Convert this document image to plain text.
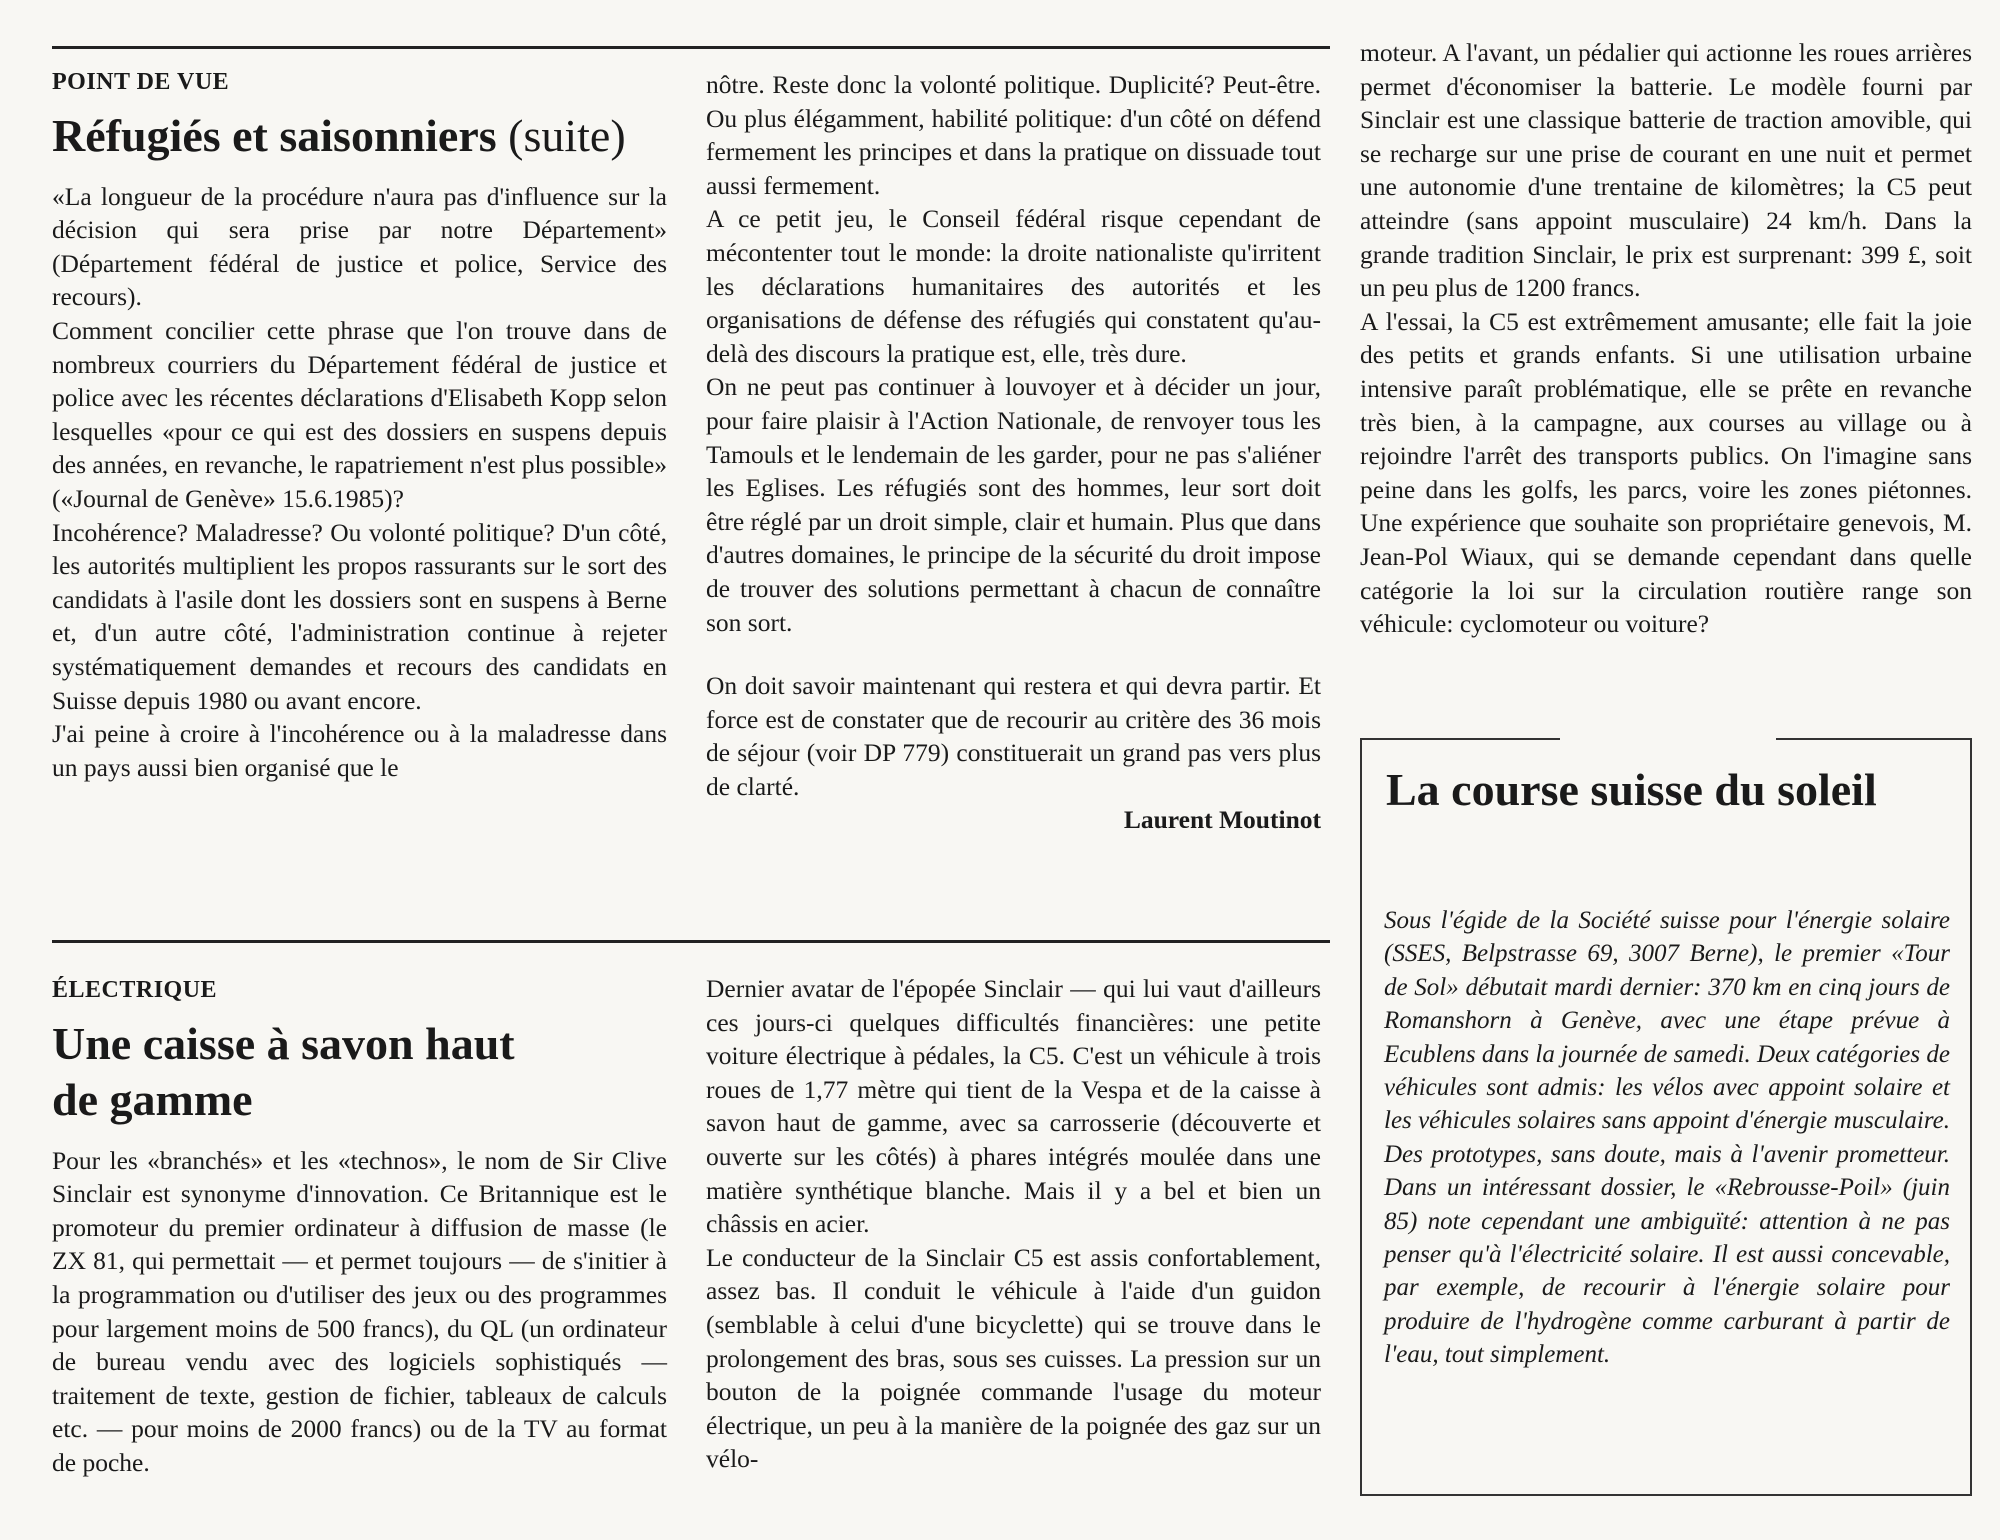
POINT DE VUE
Réfugiés et saisonniers (suite)

«La longueur de la procédure n'aura pas d'influence sur la décision qui sera prise par notre Département» (Département fédéral de justice et police, Service des recours).

Comment concilier cette phrase que l'on trouve dans de nombreux courriers du Département fédéral de justice et police avec les récentes déclarations d'Elisabeth Kopp selon lesquelles «pour ce qui est des dossiers en suspens depuis des années, en revanche, le rapatriement n'est plus possible» («Journal de Genève» 15.6.1985)?

Incohérence? Maladresse? Ou volonté politique? D'un côté, les autorités multiplient les propos rassurants sur le sort des candidats à l'asile dont les dossiers sont en suspens à Berne et, d'un autre côté, l'administration continue à rejeter systématiquement demandes et recours des candidats en Suisse depuis 1980 ou avant encore.

J'ai peine à croire à l'incohérence ou à la maladresse dans un pays aussi bien organisé que le

nôtre. Reste donc la volonté politique. Duplicité? Peut-être. Ou plus élégamment, habilité politique: d'un côté on défend fermement les principes et dans la pratique on dissuade tout aussi fermement.

A ce petit jeu, le Conseil fédéral risque cependant de mécontenter tout le monde: la droite nationaliste qu'irritent les déclarations humanitaires des autorités et les organisations de défense des réfugiés qui constatent qu'au-delà des discours la pratique est, elle, très dure.

On ne peut pas continuer à louvoyer et à décider un jour, pour faire plaisir à l'Action Nationale, de renvoyer tous les Tamouls et le lendemain de les garder, pour ne pas s'aliéner les Eglises. Les réfugiés sont des hommes, leur sort doit être réglé par un droit simple, clair et humain. Plus que dans d'autres domaines, le principe de la sécurité du droit impose de trouver des solutions permettant à chacun de connaître son sort.

On doit savoir maintenant qui restera et qui devra partir. Et force est de constater que de recourir au critère des 36 mois de séjour (voir DP 779) constituerait un grand pas vers plus de clarté.

Laurent Moutinot

moteur. A l'avant, un pédalier qui actionne les roues arrières permet d'économiser la batterie. Le modèle fourni par Sinclair est une classique batterie de traction amovible, qui se recharge sur une prise de courant en une nuit et permet une autonomie d'une trentaine de kilomètres; la C5 peut atteindre (sans appoint musculaire) 24 km/h. Dans la grande tradition Sinclair, le prix est surprenant: 399 £, soit un peu plus de 1200 francs.

A l'essai, la C5 est extrêmement amusante; elle fait la joie des petits et grands enfants. Si une utilisation urbaine intensive paraît problématique, elle se prête en revanche très bien, à la campagne, aux courses au village ou à rejoindre l'arrêt des transports publics. On l'imagine sans peine dans les golfs, les parcs, voire les zones piétonnes. Une expérience que souhaite son propriétaire genevois, M. Jean-Pol Wiaux, qui se demande cependant dans quelle catégorie la loi sur la circulation routière range son véhicule: cyclomoteur ou voiture?

ÉLECTRIQUE
Une caisse à savon haut de gamme

Pour les «branchés» et les «technos», le nom de Sir Clive Sinclair est synonyme d'innovation. Ce Britannique est le promoteur du premier ordinateur à diffusion de masse (le ZX 81, qui permettait — et permet toujours — de s'initier à la programmation ou d'utiliser des jeux ou des programmes pour largement moins de 500 francs), du QL (un ordinateur de bureau vendu avec des logiciels sophistiqués — traitement de texte, gestion de fichier, tableaux de calculs etc. — pour moins de 2000 francs) ou de la TV au format de poche.

Dernier avatar de l'épopée Sinclair — qui lui vaut d'ailleurs ces jours-ci quelques difficultés financières: une petite voiture électrique à pédales, la C5. C'est un véhicule à trois roues de 1,77 mètre qui tient de la Vespa et de la caisse à savon haut de gamme, avec sa carrosserie (découverte et ouverte sur les côtés) à phares intégrés moulée dans une matière synthétique blanche. Mais il y a bel et bien un châssis en acier.

Le conducteur de la Sinclair C5 est assis confortablement, assez bas. Il conduit le véhicule à l'aide d'un guidon (semblable à celui d'une bicyclette) qui se trouve dans le prolongement des bras, sous ses cuisses. La pression sur un bouton de la poignée commande l'usage du moteur électrique, un peu à la manière de la poignée des gaz sur un vélo-

La course suisse du soleil
Sous l'égide de la Société suisse pour l'énergie solaire (SSES, Belpstrasse 69, 3007 Berne), le premier «Tour de Sol» débutait mardi dernier: 370 km en cinq jours de Romanshorn à Genève, avec une étape prévue à Ecublens dans la journée de samedi. Deux catégories de véhicules sont admis: les vélos avec appoint solaire et les véhicules solaires sans appoint d'énergie musculaire. Des prototypes, sans doute, mais à l'avenir prometteur. Dans un intéressant dossier, le «Rebrousse-Poil» (juin 85) note cependant une ambiguïté: attention à ne pas penser qu'à l'électricité solaire. Il est aussi concevable, par exemple, de recourir à l'énergie solaire pour produire de l'hydrogène comme carburant à partir de l'eau, tout simplement.
